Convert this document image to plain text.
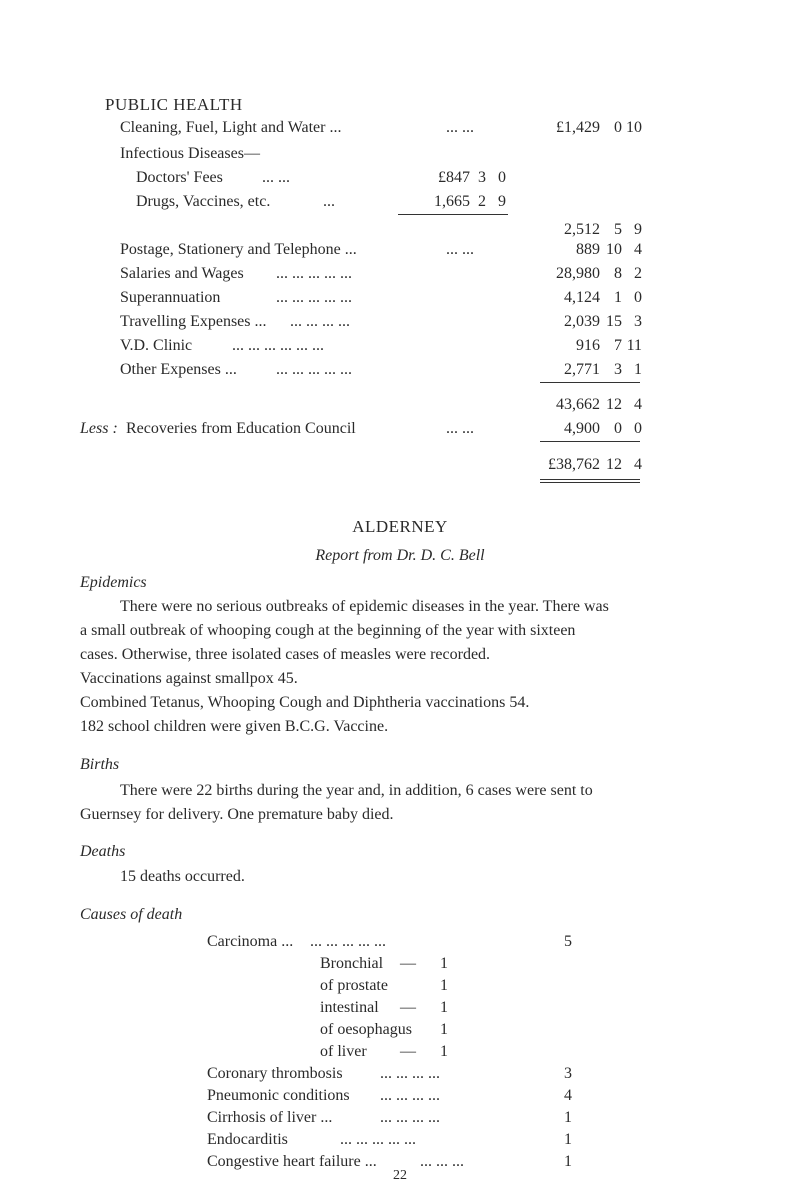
PUBLIC HEALTH
Cleaning, Fuel, Light and Water ...	... ...	£1,429 0 10
Infectious Diseases—
Doctors' Fees ... ...	£847 3 0
Drugs, Vaccines, etc.	...	1,665 2 9
2,512 5 9
Postage, Stationery and Telephone ...	... ...	889 10 4
Salaries and Wages ... ... ... ... ...	28,980 8 2
Superannuation	... ... ... ... ...	4,124 1 0
Travelling Expenses ... ... ... ... ...	2,039 15 3
V.D. Clinic ... ... ... ... ... ...	916 7 11
Other Expenses ... ... ... ... ... ...	2,771 3 1
43,662 12 4
Less : Recoveries from Education Council	... ...	4,900 0 0
£38,762 12 4
ALDERNEY
Report from Dr. D. C. Bell
Epidemics
There were no serious outbreaks of epidemic diseases in the year. There was
a small outbreak of whooping cough at the beginning of the year with sixteen
cases. Otherwise, three isolated cases of measles were recorded.
Vaccinations against smallpox 45.
Combined Tetanus, Whooping Cough and Diphtheria vaccinations 54.
182 school children were given B.C.G. Vaccine.
Births
There were 22 births during the year and, in addition, 6 cases were sent to
Guernsey for delivery. One premature baby died.
Deaths
15 deaths occurred.
Causes of death
Carcinoma ... ... ... ... ... ...	5
Bronchial — 1
of prostate	1
intestinal — 1
of oesophagus 1
of liver — 1
Coronary thrombosis ... ... ... ...	3
Pneumonic conditions ... ... ... ...	4
Cirrhosis of liver ...	... ... ... ...	1
Endocarditis	... ... ... ... ...	1
Congestive heart failure ...	... ... ...	1
22
